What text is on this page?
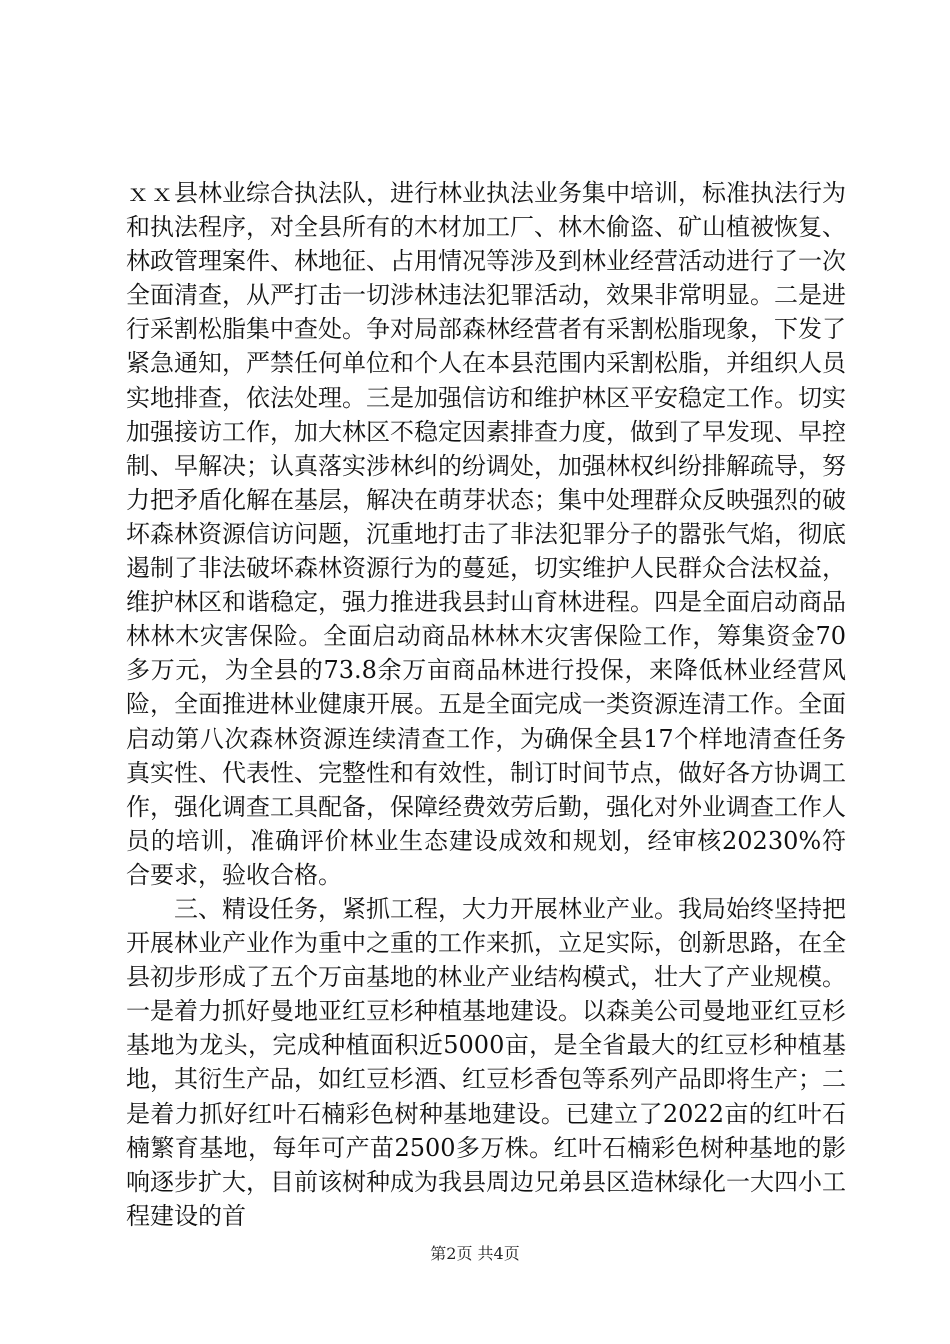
ｘｘ县林业综合执法队，进行林业执法业务集中培训，标准执法行为和执法程序，对全县所有的木材加工厂、林木偷盗、矿山植被恢复、林政管理案件、林地征、占用情况等涉及到林业经营活动进行了一次全面清查，从严打击一切涉林违法犯罪活动，效果非常明显。二是进行采割松脂集中查处。争对局部森林经营者有采割松脂现象，下发了紧急通知，严禁任何单位和个人在本县范围内采割松脂，并组织人员实地排查，依法处理。三是加强信访和维护林区平安稳定工作。切实加强接访工作，加大林区不稳定因素排查力度，做到了早发现、早控制、早解决；认真落实涉林纠的纷调处，加强林权纠纷排解疏导，努力把矛盾化解在基层，解决在萌芽状态；集中处理群众反映强烈的破坏森林资源信访问题，沉重地打击了非法犯罪分子的嚣张气焰，彻底遏制了非法破坏森林资源行为的蔓延，切实维护人民群众合法权益，维护林区和谐稳定，强力推进我县封山育林进程。四是全面启动商品林林木灾害保险。全面启动商品林林木灾害保险工作，筹集资金70多万元，为全县的73.8余万亩商品林进行投保，来降低林业经营风险，全面推进林业健康开展。五是全面完成一类资源连清工作。全面启动第八次森林资源连续清查工作，为确保全县17个样地清查任务真实性、代表性、完整性和有效性，制订时间节点，做好各方协调工作，强化调查工具配备，保障经费效劳后勤，强化对外业调查工作人员的培训，准确评价林业生态建设成效和规划，经审核20230%符合要求，验收合格。

三、精设任务，紧抓工程，大力开展林业产业。我局始终坚持把开展林业产业作为重中之重的工作来抓，立足实际，创新思路，在全县初步形成了五个万亩基地的林业产业结构模式，壮大了产业规模。一是着力抓好曼地亚红豆杉种植基地建设。以森美公司曼地亚红豆杉基地为龙头，完成种植面积近5000亩，是全省最大的红豆杉种植基地，其衍生产品，如红豆杉酒、红豆杉香包等系列产品即将生产；二是着力抓好红叶石楠彩色树种基地建设。已建立了2022亩的红叶石楠繁育基地，每年可产苗2500多万株。红叶石楠彩色树种基地的影响逐步扩大，目前该树种成为我县周边兄弟县区造林绿化一大四小工程建设的首

第2页 共4页
